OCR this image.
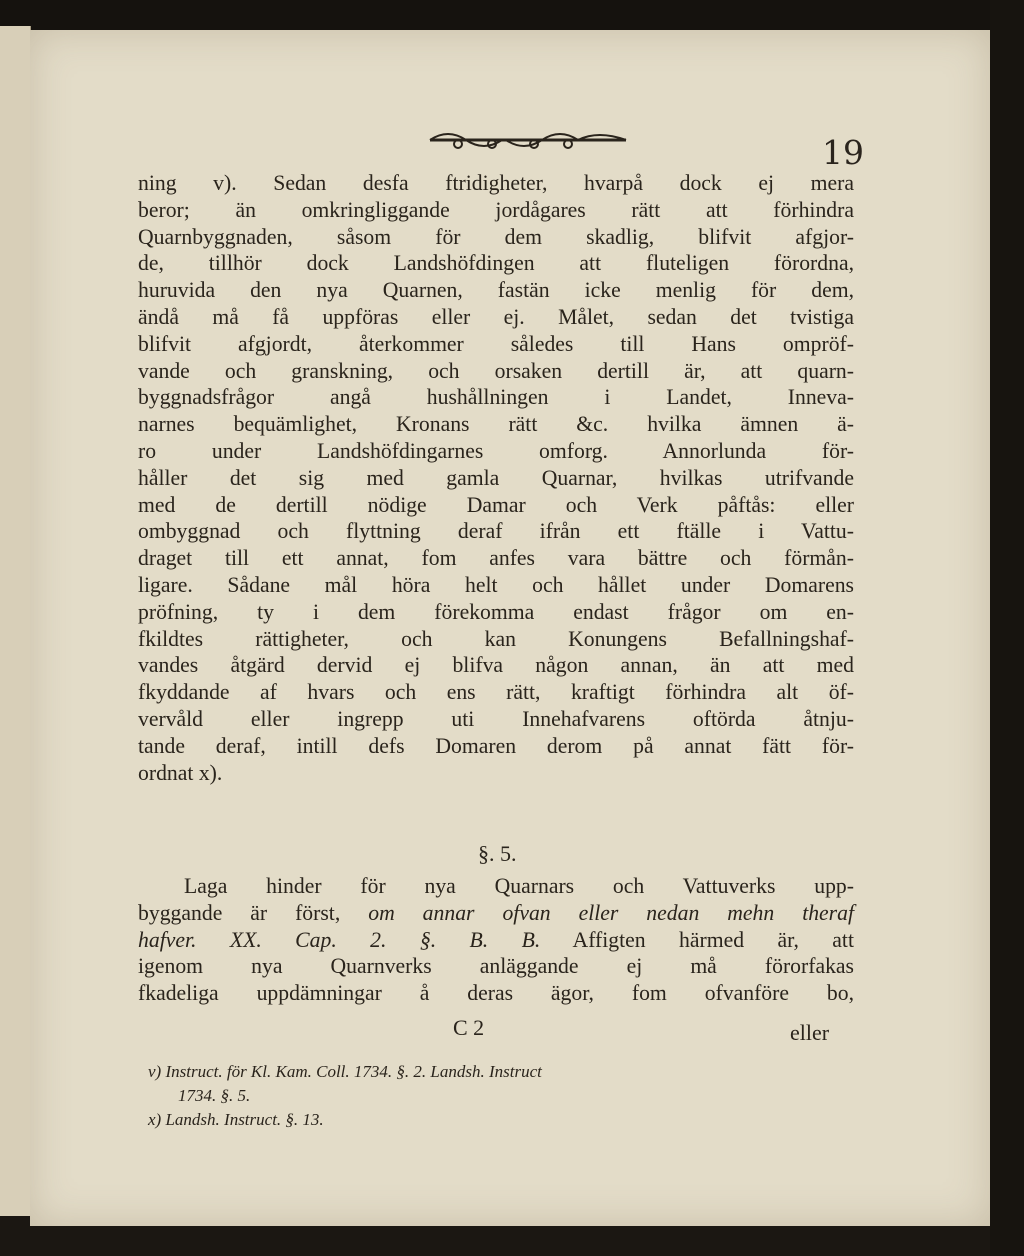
19
ning v). Sedan desfa ftridigheter, hvarpå dock ej mera
beror; än omkringliggande jordågares rätt att förhindra
Quarnbyggnaden, såsom för dem skadlig, blifvit afgjor-
de, tillhör dock Landshöfdingen att fluteligen förordna,
huruvida den nya Quarnen, fastän icke menlig för dem,
ändå må få uppföras eller ej. Målet, sedan det tvistiga
blifvit afgjordt, återkommer således till Hans ompröf-
vande och granskning, och orsaken dertill är, att quarn-
byggnadsfrågor angå hushållningen i Landet, Inneva-
narnes bequämlighet, Kronans rätt &c. hvilka ämnen ä-
ro under Landshöfdingarnes omforg. Annorlunda för-
håller det sig med gamla Quarnar, hvilkas utrifvande
med de dertill nödige Damar och Verk påftås: eller
ombyggnad och flyttning deraf ifrån ett ftälle i Vattu-
draget till ett annat, fom anfes vara bättre och förmån-
ligare. Sådane mål höra helt och hållet under Domarens
pröfning, ty i dem förekomma endast frågor om en-
fkildtes rättigheter, och kan Konungens Befallningshaf-
vandes åtgärd dervid ej blifva någon annan, än att med
fkyddande af hvars och ens rätt, kraftigt förhindra alt öf-
vervåld eller ingrepp uti Innehafvarens oftörda åtnju-
tande deraf, intill defs Domaren derom på annat fätt för-
ordnat x).
§. 5.
Laga hinder för nya Quarnars och Vattuverks upp-
byggande är först, om annar ofvan eller nedan mehn theraf
hafver. XX. Cap. 2. §. B. B. Affigten härmed är, att
igenom nya Quarnverks anläggande ej må förorfakas
fkadeliga uppdämningar å deras ägor, fom ofvanföre bo,
C 2	eller
v) Instruct. för Kl. Kam. Coll. 1734. §. 2. Landsh. Instruct
1734. §. 5.
x) Landsh. Instruct. §. 13.
